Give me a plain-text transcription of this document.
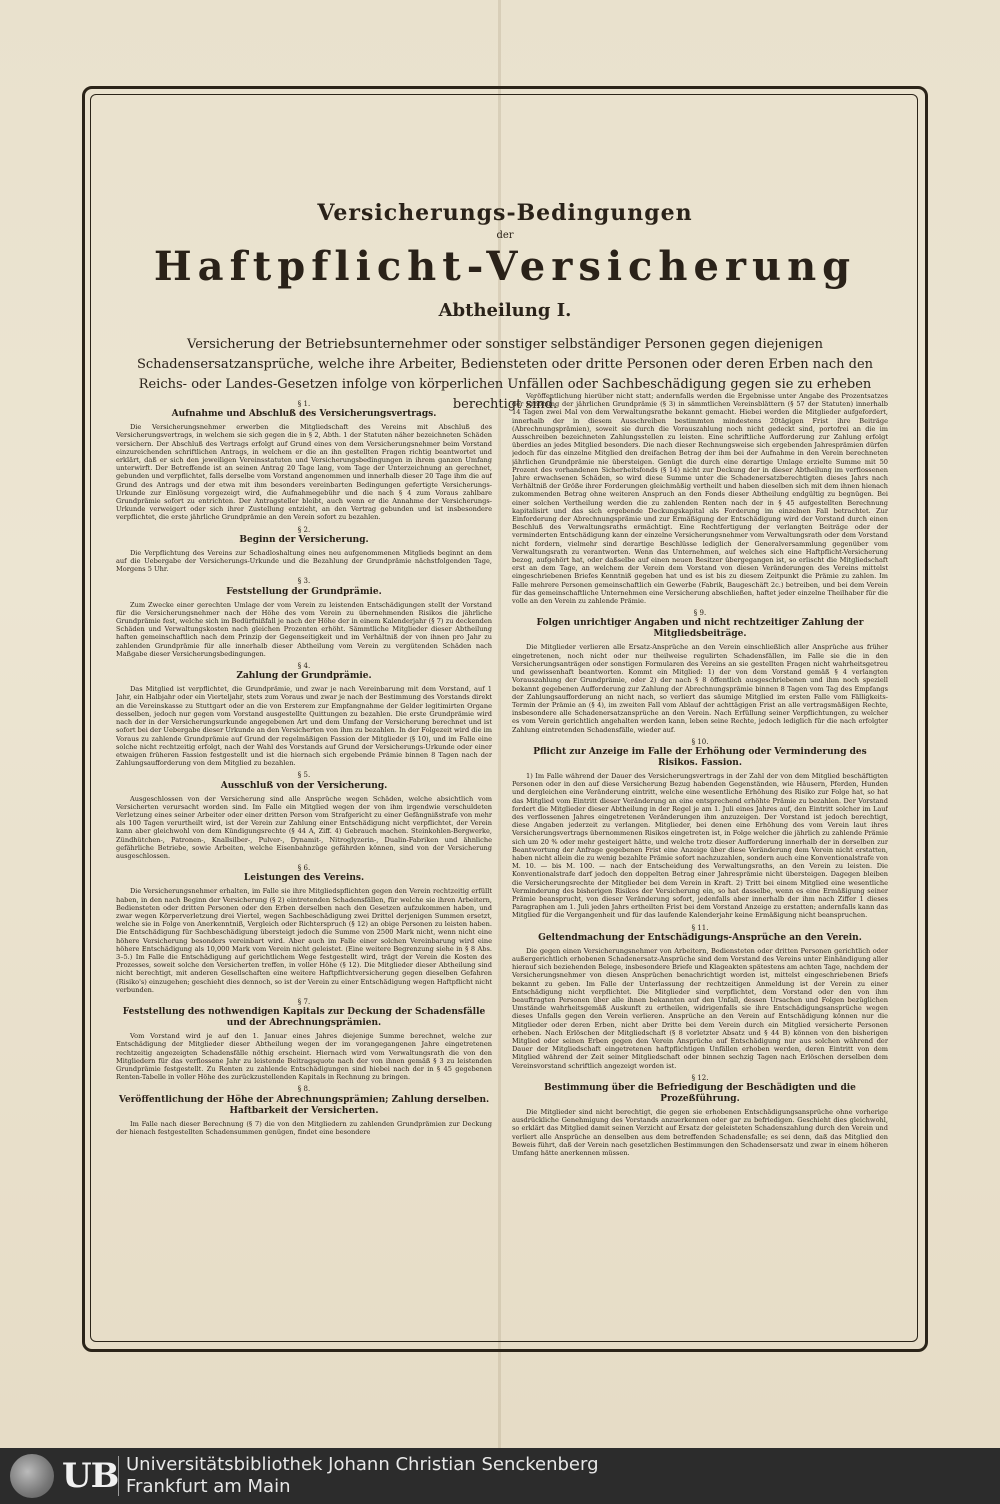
Versicherungs-Bedingungen

der

Haftpflicht-Versicherung

Abtheilung I.

Versicherung der Betriebsunternehmer oder sonstiger selbständiger Personen gegen diejenigen Schadensersatzansprüche, welche ihre Arbeiter, Bediensteten oder dritte Personen oder deren Erben nach den Reichs- oder Landes-Gesetzen infolge von körperlichen Unfällen oder Sachbeschädigung gegen sie zu erheben berechtigt sind.

§ 1.
Aufnahme und Abschluß des Versicherungsvertrags.

Die Versicherungsnehmer erwerben die Mitgliedschaft des Vereins mit Abschluß des Versicherungsvertrags, in welchem sie sich gegen die in § 2, Abth. 1 der Statuten näher bezeichneten Schäden versichern. Der Abschluß des Vertrags erfolgt auf Grund eines von dem Versicherungsnehmer beim Vorstand einzureichenden schriftlichen Antrags, in welchem er die an ihn gestellten Fragen richtig beantwortet und erklärt, daß er sich den jeweiligen Vereinsstatuten und Versicherungsbedingungen in ihrem ganzen Umfang unterwirft. Der Betreffende ist an seinen Antrag 20 Tage lang, vom Tage der Unterzeichnung an gerechnet, gebunden und verpflichtet, falls derselbe vom Vorstand angenommen und innerhalb dieser 20 Tage ihm die auf Grund des Antrags und der etwa mit ihm besonders vereinbarten Bedingungen gefertigte Versicherungs-Urkunde zur Einlösung vorgezeigt wird, die Aufnahmegebühr und die nach § 4 zum Voraus zahlbare Grundprämie sofort zu entrichten. Der Antragsteller bleibt, auch wenn er die Annahme der Versicherungs-Urkunde verweigert oder sich ihrer Zustellung entzieht, an den Vertrag gebunden und ist insbesondere verpflichtet, die erste jährliche Grundprämie an den Verein sofort zu bezahlen.

§ 2.
Beginn der Versicherung.

Die Verpflichtung des Vereins zur Schadloshaltung eines neu aufgenommenen Mitglieds beginnt an dem auf die Uebergabe der Versicherungs-Urkunde und die Bezahlung der Grundprämie nächstfolgenden Tage, Morgens 5 Uhr.

§ 3.
Feststellung der Grundprämie.

Zum Zwecke einer gerechten Umlage der vom Verein zu leistenden Entschädigungen stellt der Vorstand für die Versicherungsnehmer nach der Höhe des vom Verein zu übernehmenden Risikos die jährliche Grundprämie fest, welche sich im Bedürfnißfall je nach der Höhe der in einem Kalenderjahr (§ 7) zu deckenden Schäden und Verwaltungskosten nach gleichen Prozenten erhöht. Sämmtliche Mitglieder dieser Abtheilung haften gemeinschaftlich nach dem Prinzip der Gegenseitigkeit und im Verhältniß der von ihnen pro Jahr zu zahlenden Grundprämie für alle innerhalb dieser Abtheilung vom Verein zu vergütenden Schäden nach Maßgabe dieser Versicherungsbedingungen.

§ 4.
Zahlung der Grundprämie.

Das Mitglied ist verpflichtet, die Grundprämie, und zwar je nach Vereinbarung mit dem Vorstand, auf 1 Jahr, ein Halbjahr oder ein Vierteljahr, stets zum Voraus und zwar je nach der Bestimmung des Vorstands direkt an die Vereinskasse zu Stuttgart oder an die von Ersterem zur Empfangnahme der Gelder legitimirten Organe desselben, jedoch nur gegen vom Vorstand ausgestellte Quittungen zu bezahlen. Die erste Grundprämie wird nach der in der Versicherungsurkunde angegebenen Art und dem Umfang der Versicherung berechnet und ist sofort bei der Uebergabe dieser Urkunde an den Versicherten von ihm zu bezahlen. In der Folgezeit wird die im Voraus zu zahlende Grundprämie auf Grund der regelmäßigen Fassion der Mitglieder (§ 10), und im Falle eine solche nicht rechtzeitig erfolgt, nach der Wahl des Vorstands auf Grund der Versicherungs-Urkunde oder einer etwaigen früheren Fassion festgestellt und ist die hiernach sich ergebende Prämie binnen 8 Tagen nach der Zahlungsaufforderung von dem Mitglied zu bezahlen.

§ 5.
Ausschluß von der Versicherung.

Ausgeschlossen von der Versicherung sind alle Ansprüche wegen Schäden, welche absichtlich vom Versicherten verursacht worden sind. Im Falle ein Mitglied wegen der von ihm irgendwie verschuldeten Verletzung eines seiner Arbeiter oder einer dritten Person vom Strafgericht zu einer Gefängnißstrafe von mehr als 100 Tagen verurtheilt wird, ist der Verein zur Zahlung einer Entschädigung nicht verpflichtet, der Verein kann aber gleichwohl von dem Kündigungsrechte (§ 44 A, Ziff. 4) Gebrauch machen. Steinkohlen-Bergwerke, Zündhütchen-, Patronen-, Knallsilber-, Pulver-, Dynamit-, Nitroglyzerin-, Dualin-Fabriken und ähnliche gefährliche Betriebe, sowie Arbeiten, welche Eisenbahnzüge gefährden können, sind von der Versicherung ausgeschlossen.

§ 6.
Leistungen des Vereins.

Die Versicherungsnehmer erhalten, im Falle sie ihre Mitgliedspflichten gegen den Verein rechtzeitig erfüllt haben, in den nach Beginn der Versicherung (§ 2) eintretenden Schadensfällen, für welche sie ihren Arbeitern, Bediensteten oder dritten Personen oder den Erben derselben nach den Gesetzen aufzukommen haben, und zwar wegen Körperverletzung drei Viertel, wegen Sachbeschädigung zwei Drittel derjenigen Summen ersetzt, welche sie in Folge von Anerkenntniß, Vergleich oder Richterspruch (§ 12) an obige Personen zu leisten haben. Die Entschädigung für Sachbeschädigung übersteigt jedoch die Summe von 2500 Mark nicht, wenn nicht eine höhere Versicherung besonders vereinbart wird. Aber auch im Falle einer solchen Vereinbarung wird eine höhere Entschädigung als 10,000 Mark vom Verein nicht geleistet. (Eine weitere Begrenzung siehe in § 8 Abs. 3–5.) Im Falle die Entschädigung auf gerichtlichem Wege festgestellt wird, trägt der Verein die Kosten des Prozesses, soweit solche den Versicherten treffen, in voller Höhe (§ 12). Die Mitglieder dieser Abtheilung sind nicht berechtigt, mit anderen Gesellschaften eine weitere Haftpflichtversicherung gegen dieselben Gefahren (Risiko's) einzugehen; geschieht dies dennoch, so ist der Verein zu einer Entschädigung wegen Haftpflicht nicht verbunden.

§ 7.
Feststellung des nothwendigen Kapitals zur Deckung der Schadensfälle und der Abrechnungsprämien.

Vom Vorstand wird je auf den 1. Januar eines Jahres diejenige Summe berechnet, welche zur Entschädigung der Mitglieder dieser Abtheilung wegen der im vorangegangenen Jahre eingetretenen rechtzeitig angezeigten Schadensfälle nöthig erscheint. Hiernach wird vom Verwaltungsrath die von den Mitgliedern für das verflossene Jahr zu leistende Beitragsquote nach der von ihnen gemäß § 3 zu leistenden Grundprämie festgestellt. Zu Renten zu zahlende Entschädigungen sind hiebei nach der in § 45 gegebenen Renten-Tabelle in voller Höhe des zurückzustellenden Kapitals in Rechnung zu bringen.

§ 8.
Veröffentlichung der Höhe der Abrechnungsprämien; Zahlung derselben. Haftbarkeit der Versicherten.

Im Falle nach dieser Berechnung (§ 7) die von den Mitgliedern zu zahlenden Grundprämien zur Deckung der hienach festgestellten Schadensummen genügen, findet eine besondere

Veröffentlichung hierüber nicht statt; andernfalls werden die Ergebnisse unter Angabe des Prozentsatzes der Erhöhung der jährlichen Grundprämie (§ 3) in sämmtlichen Vereinsblättern (§ 57 der Statuten) innerhalb 14 Tagen zwei Mal von dem Verwaltungsrathe bekannt gemacht. Hiebei werden die Mitglieder aufgefordert, innerhalb der in diesem Ausschreiben bestimmten mindestens 20tägigen Frist ihre Beiträge (Abrechnungsprämien), soweit sie durch die Vorauszahlung noch nicht gedeckt sind, portofrei an die im Ausschreiben bezeichneten Zahlungsstellen zu leisten. Eine schriftliche Aufforderung zur Zahlung erfolgt überdies an jedes Mitglied besonders. Die nach dieser Rechnungsweise sich ergebenden Jahresprämien dürfen jedoch für das einzelne Mitglied den dreifachen Betrag der ihm bei der Aufnahme in den Verein berechneten jährlichen Grundprämie nie übersteigen. Genügt die durch eine derartige Umlage erzielte Summe mit 50 Prozent des vorhandenen Sicherheitsfonds (§ 14) nicht zur Deckung der in dieser Abtheilung im verflossenen Jahre erwachsenen Schäden, so wird diese Summe unter die Schadenersatzberechtigten dieses Jahrs nach Verhältniß der Größe ihrer Forderungen gleichmäßig vertheilt und haben dieselben sich mit dem ihnen hienach zukommenden Betrag ohne weiteren Anspruch an den Fonds dieser Abtheilung endgültig zu begnügen. Bei einer solchen Vertheilung werden die zu zahlenden Renten nach der in § 45 aufgestellten Berechnung kapitalisirt und das sich ergebende Deckungskapital als Forderung im einzelnen Fall betrachtet. Zur Einforderung der Abrechnungsprämie und zur Ermäßigung der Entschädigung wird der Vorstand durch einen Beschluß des Verwaltungsraths ermächtigt. Eine Rechtfertigung der verlangten Beiträge oder der verminderten Entschädigung kann der einzelne Versicherungsnehmer vom Verwaltungsrath oder dem Vorstand nicht fordern, vielmehr sind derartige Beschlüsse lediglich der Generalversammlung gegenüber vom Verwaltungsrath zu verantworten. Wenn das Unternehmen, auf welches sich eine Haftpflicht-Versicherung bezog, aufgehört hat, oder daßselbe auf einen neuen Besitzer übergegangen ist, so erlischt die Mitgliedschaft erst an dem Tage, an welchem der Verein dem Vorstand von diesen Veränderungen des Vereins mittelst eingeschriebenen Briefes Kenntniß gegeben hat und es ist bis zu diesem Zeitpunkt die Prämie zu zahlen. Im Falle mehrere Personen gemeinschaftlich ein Gewerbe (Fabrik, Baugeschäft 2c.) betreiben, und bei dem Verein für das gemeinschaftliche Unternehmen eine Versicherung abschließen, haftet jeder einzelne Theilhaber für die volle an den Verein zu zahlende Prämie.

§ 9.
Folgen unrichtiger Angaben und nicht rechtzeitiger Zahlung der Mitgliedsbeiträge.

Die Mitglieder verlieren alle Ersatz-Ansprüche an den Verein einschließlich aller Ansprüche aus früher eingetretenen, noch nicht oder nur theilweise regulirten Schadensfällen, im Falle sie die in den Versicherungsanträgen oder sonstigen Formularen des Vereins an sie gestellten Fragen nicht wahrheitsgetreu und gewissenhaft beantworten. Kommt ein Mitglied: 1) der von dem Vorstand gemäß § 4 verlangten Vorauszahlung der Grundprämie, oder 2) der nach § 8 öffentlich ausgeschriebenen und ihm noch speziell bekannt gegebenen Aufforderung zur Zahlung der Abrechnungsprämie binnen 8 Tagen vom Tag des Empfangs der Zahlungsaufforderung an nicht nach, so verliert das säumige Mitglied im ersten Falle vom Fälligkeits-Termin der Prämie an (§ 4), im zweiten Fall vom Ablauf der achttägigen Frist an alle vertragsmäßigen Rechte, insbesondere alle Schadenersatzansprüche an den Verein. Nach Erfüllung seiner Verpflichtungen, zu welcher es vom Verein gerichtlich angehalten werden kann, leben seine Rechte, jedoch lediglich für die nach erfolgter Zahlung eintretenden Schadensfälle, wieder auf.

§ 10.
Pflicht zur Anzeige im Falle der Erhöhung oder Verminderung des Risikos. Fassion.

1) Im Falle während der Dauer des Versicherungsvertrags in der Zahl der von dem Mitglied beschäftigten Personen oder in den auf diese Versicherung Bezug habenden Gegenständen, wie Häusern, Pferden, Hunden und dergleichen eine Veränderung eintritt, welche eine wesentliche Erhöhung des Risiko zur Folge hat, so hat das Mitglied vom Eintritt dieser Veränderung an eine entsprechend erhöhte Prämie zu bezahlen. Der Vorstand fordert die Mitglieder dieser Abtheilung in der Regel je am 1. Juli eines Jahres auf, den Eintritt solcher im Lauf des verflossenen Jahres eingetretenen Veränderungen ihm anzuzeigen. Der Vorstand ist jedoch berechtigt, diese Angaben jederzeit zu verlangen. Mitglieder, bei denen eine Erhöhung des vom Verein laut ihres Versicherungsvertrags übernommenen Risikos eingetreten ist, in Folge welcher die jährlich zu zahlende Prämie sich um 20 % oder mehr gesteigert hätte, und welche trotz dieser Aufforderung innerhalb der in derselben zur Beantwortung der Anfrage gegebenen Frist eine Anzeige über diese Veränderung dem Verein nicht erstatten, haben nicht allein die zu wenig bezahlte Prämie sofort nachzuzahlen, sondern auch eine Konventionalstrafe von M. 10. — bis M. 100. — nach der Entscheidung des Verwaltungsraths, an den Verein zu leisten. Die Konventionalstrafe darf jedoch den doppelten Betrag einer Jahresprämie nicht übersteigen. Dagegen bleiben die Versicherungsrechte der Mitglieder bei dem Verein in Kraft. 2) Tritt bei einem Mitglied eine wesentliche Verminderung des bisherigen Risikos der Versicherung ein, so hat dasselbe, wenn es eine Ermäßigung seiner Prämie beansprucht, von dieser Veränderung sofort, jedenfalls aber innerhalb der ihm nach Ziffer 1 dieses Paragraphen am 1. Juli jeden Jahrs ertheilten Frist bei dem Vorstand Anzeige zu erstatten; andernfalls kann das Mitglied für die Vergangenheit und für das laufende Kalenderjahr keine Ermäßigung nicht beanspruchen.

§ 11.
Geltendmachung der Entschädigungs-Ansprüche an den Verein.

Die gegen einen Versicherungsnehmer von Arbeitern, Bediensteten oder dritten Personen gerichtlich oder außergerichtlich erhobenen Schadenersatz-Ansprüche sind dem Vorstand des Vereins unter Einhändigung aller hierauf sich beziehenden Belege, insbesondere Briefe und Klageakten spätestens am achten Tage, nachdem der Versicherungsnehmer von diesen Ansprüchen benachrichtigt worden ist, mittelst eingeschriebenen Briefs bekannt zu geben. Im Falle der Unterlassung der rechtzeitigen Anmeldung ist der Verein zu einer Entschädigung nicht verpflichtet. Die Mitglieder sind verpflichtet, dem Vorstand oder den von ihm beauftragten Personen über alle ihnen bekannten auf den Unfall, dessen Ursachen und Folgen bezüglichen Umstände wahrheitsgemäß Auskunft zu ertheilen, widrigenfalls sie ihre Entschädigungsansprüche wegen dieses Unfalls gegen den Verein verlieren. Ansprüche an den Verein auf Entschädigung können nur die Mitglieder oder deren Erben, nicht aber Dritte bei dem Verein durch ein Mitglied versicherte Personen erheben. Nach Erlöschen der Mitgliedschaft (§ 8 vorletzter Absatz und § 44 B) können von den bisherigen Mitglied oder seinen Erben gegen den Verein Ansprüche auf Entschädigung nur aus solchen während der Dauer der Mitgliedschaft eingetretenen haftpflichtigen Unfällen erhoben werden, deren Eintritt von dem Mitglied während der Zeit seiner Mitgliedschaft oder binnen sechzig Tagen nach Erlöschen derselben dem Vereinsvorstand schriftlich angezeigt worden ist.

§ 12.
Bestimmung über die Befriedigung der Beschädigten und die Prozeßführung.

Die Mitglieder sind nicht berechtigt, die gegen sie erhobenen Entschädigungsansprüche ohne vorherige ausdrückliche Genehmigung des Vorstands anzuerkennen oder gar zu befriedigen. Geschieht dies gleichwohl, so erklärt das Mitglied damit seinen Verzicht auf Ersatz der geleisteten Schadenszahlung durch den Verein und verliert alle Ansprüche an denselben aus dem betreffenden Schadensfalle; es sei denn, daß das Mitglied den Beweis führt, daß der Verein nach gesetzlichen Bestimmungen den Schadensersatz und zwar in einem höheren Umfang hätte anerkennen müssen.

UB Universitätsbibliothek Johann Christian Senckenberg
Frankfurt am Main
